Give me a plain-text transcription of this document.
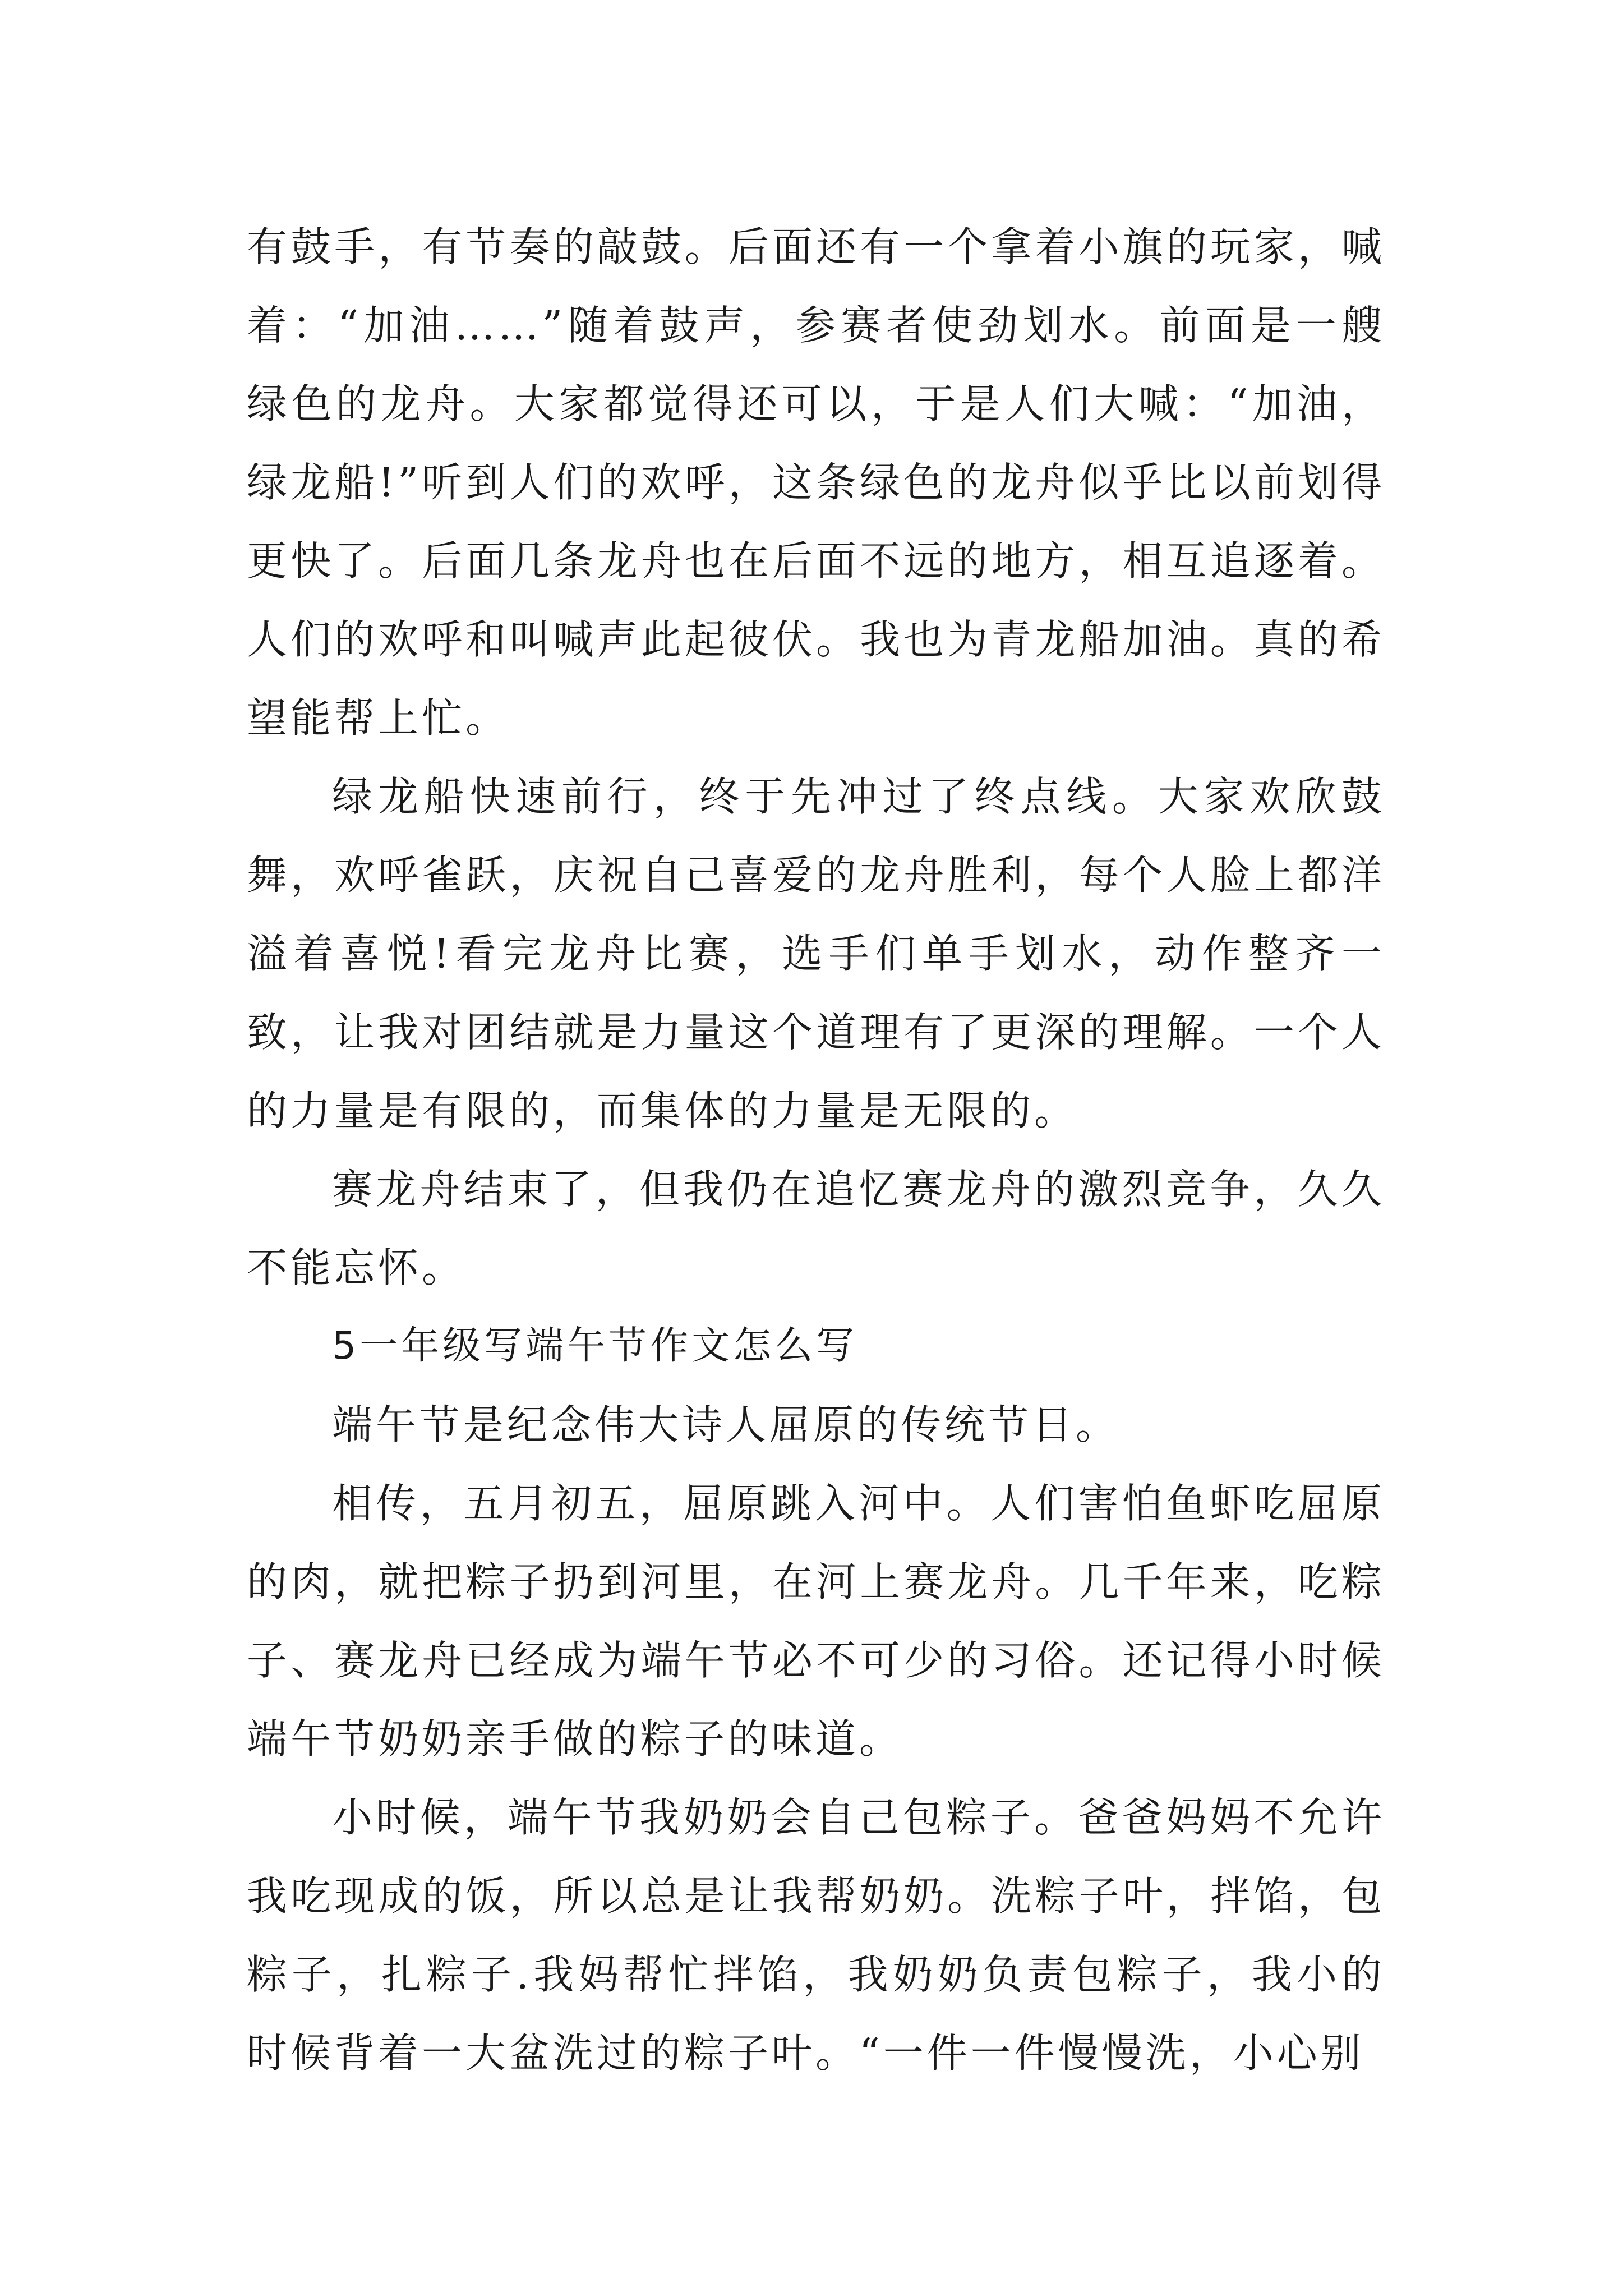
有鼓手，有节奏的敲鼓。后面还有一个拿着小旗的玩家，喊着：“加油……”随着鼓声，参赛者使劲划水。前面是一艘绿色的龙舟。大家都觉得还可以，于是人们大喊：“加油，绿龙船!”听到人们的欢呼，这条绿色的龙舟似乎比以前划得更快了。后面几条龙舟也在后面不远的地方，相互追逐着。人们的欢呼和叫喊声此起彼伏。我也为青龙船加油。真的希望能帮上忙。

绿龙船快速前行，终于先冲过了终点线。大家欢欣鼓舞，欢呼雀跃，庆祝自己喜爱的龙舟胜利，每个人脸上都洋溢着喜悦!看完龙舟比赛，选手们单手划水，动作整齐一致，让我对团结就是力量这个道理有了更深的理解。一个人的力量是有限的，而集体的力量是无限的。

赛龙舟结束了，但我仍在追忆赛龙舟的激烈竞争，久久不能忘怀。

5一年级写端午节作文怎么写

端午节是纪念伟大诗人屈原的传统节日。

相传，五月初五，屈原跳入河中。人们害怕鱼虾吃屈原的肉，就把粽子扔到河里，在河上赛龙舟。几千年来，吃粽子、赛龙舟已经成为端午节必不可少的习俗。还记得小时候端午节奶奶亲手做的粽子的味道。

小时候，端午节我奶奶会自己包粽子。爸爸妈妈不允许我吃现成的饭，所以总是让我帮奶奶。洗粽子叶，拌馅，包粽子，扎粽子.我妈帮忙拌馅，我奶奶负责包粽子，我小的时候背着一大盆洗过的粽子叶。“一件一件慢慢洗，小心别
